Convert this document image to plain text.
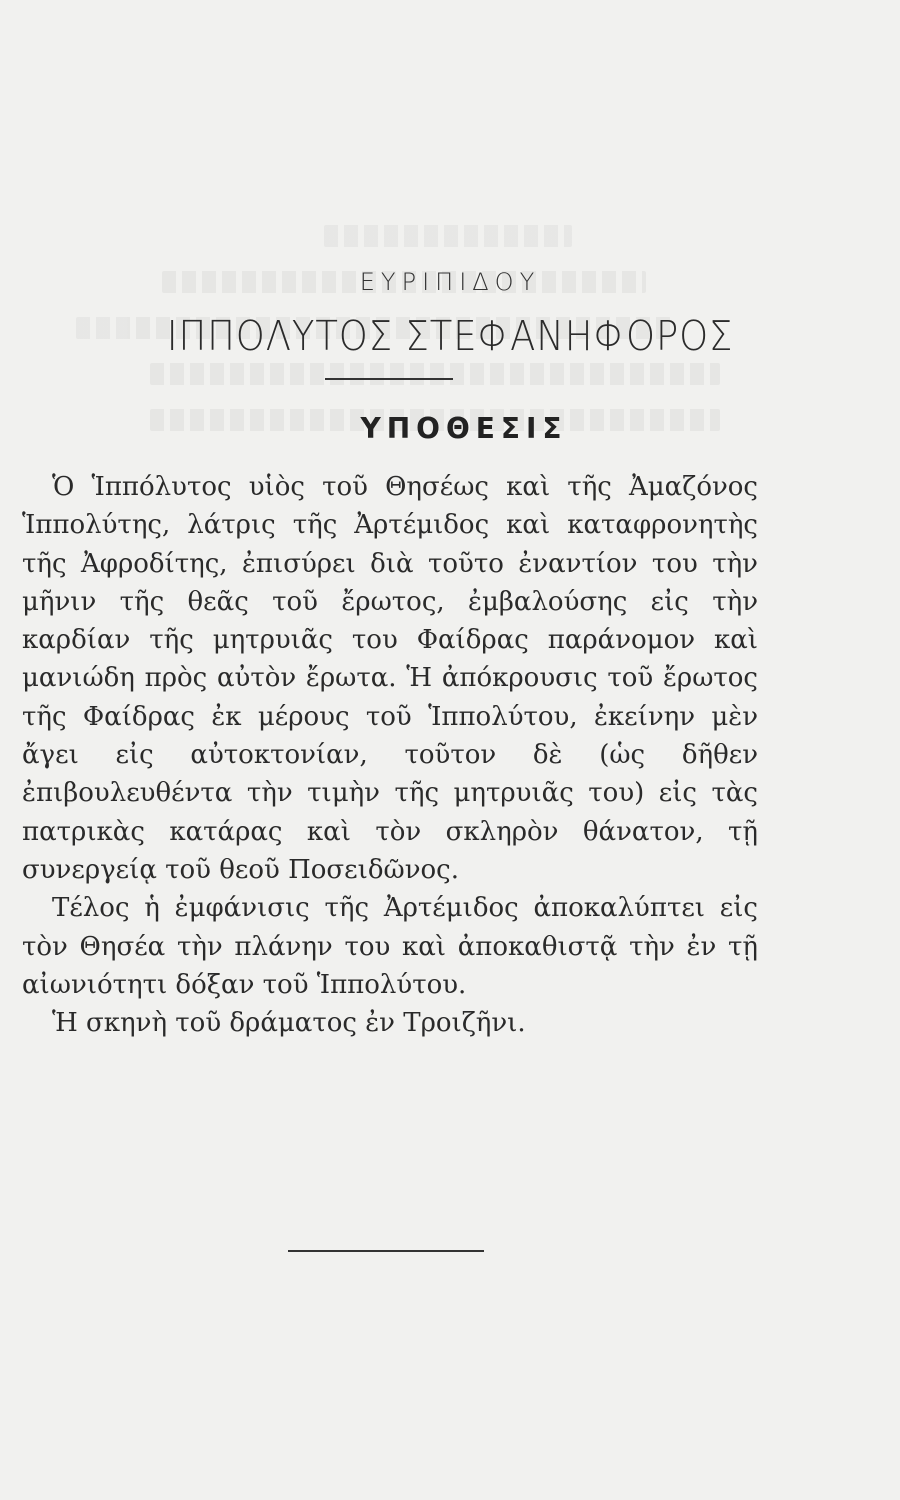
ΕΥΡΙΠΙΔΟΥ
ΙΠΠΟΛΥΤΟΣ ΣΤΕΦΑΝΗΦΟΡΟΣ
ΥΠΟΘΕΣΙΣ

Ὁ Ἱππόλυτος υἱὸς τοῦ Θησέως καὶ τῆς Ἀμαζόνος Ἱππολύτης, λάτρις τῆς Ἀρτέμιδος καὶ καταφρονητὴς τῆς Ἀφροδίτης, ἐπισύρει διὰ τοῦτο ἐναντίον του τὴν μῆνιν τῆς θεᾶς τοῦ ἔρωτος, ἐμβαλούσης εἰς τὴν καρδίαν τῆς μητρυιᾶς του Φαίδρας παράνομον καὶ μανιώδη πρὸς αὐτὸν ἔρωτα. Ἡ ἀπόκρουσις τοῦ ἔρωτος τῆς Φαίδρας ἐκ μέρους τοῦ Ἱππολύτου, ἐκείνην μὲν ἄγει εἰς αὐτοκτονίαν, τοῦτον δὲ (ὡς δῆθεν ἐπιβουλευθέντα τὴν τιμὴν τῆς μητρυιᾶς του) εἰς τὰς πατρικὰς κατάρας καὶ τὸν σκληρὸν θάνατον, τῇ συνεργείᾳ τοῦ θεοῦ Ποσειδῶνος.

Τέλος ἡ ἐμφάνισις τῆς Ἀρτέμιδος ἀποκαλύπτει εἰς τὸν Θησέα τὴν πλάνην του καὶ ἀποκαθιστᾷ τὴν ἐν τῇ αἰωνιότητι δόξαν τοῦ Ἱππολύτου.

Ἡ σκηνὴ τοῦ δράματος ἐν Τροιζῆνι.
